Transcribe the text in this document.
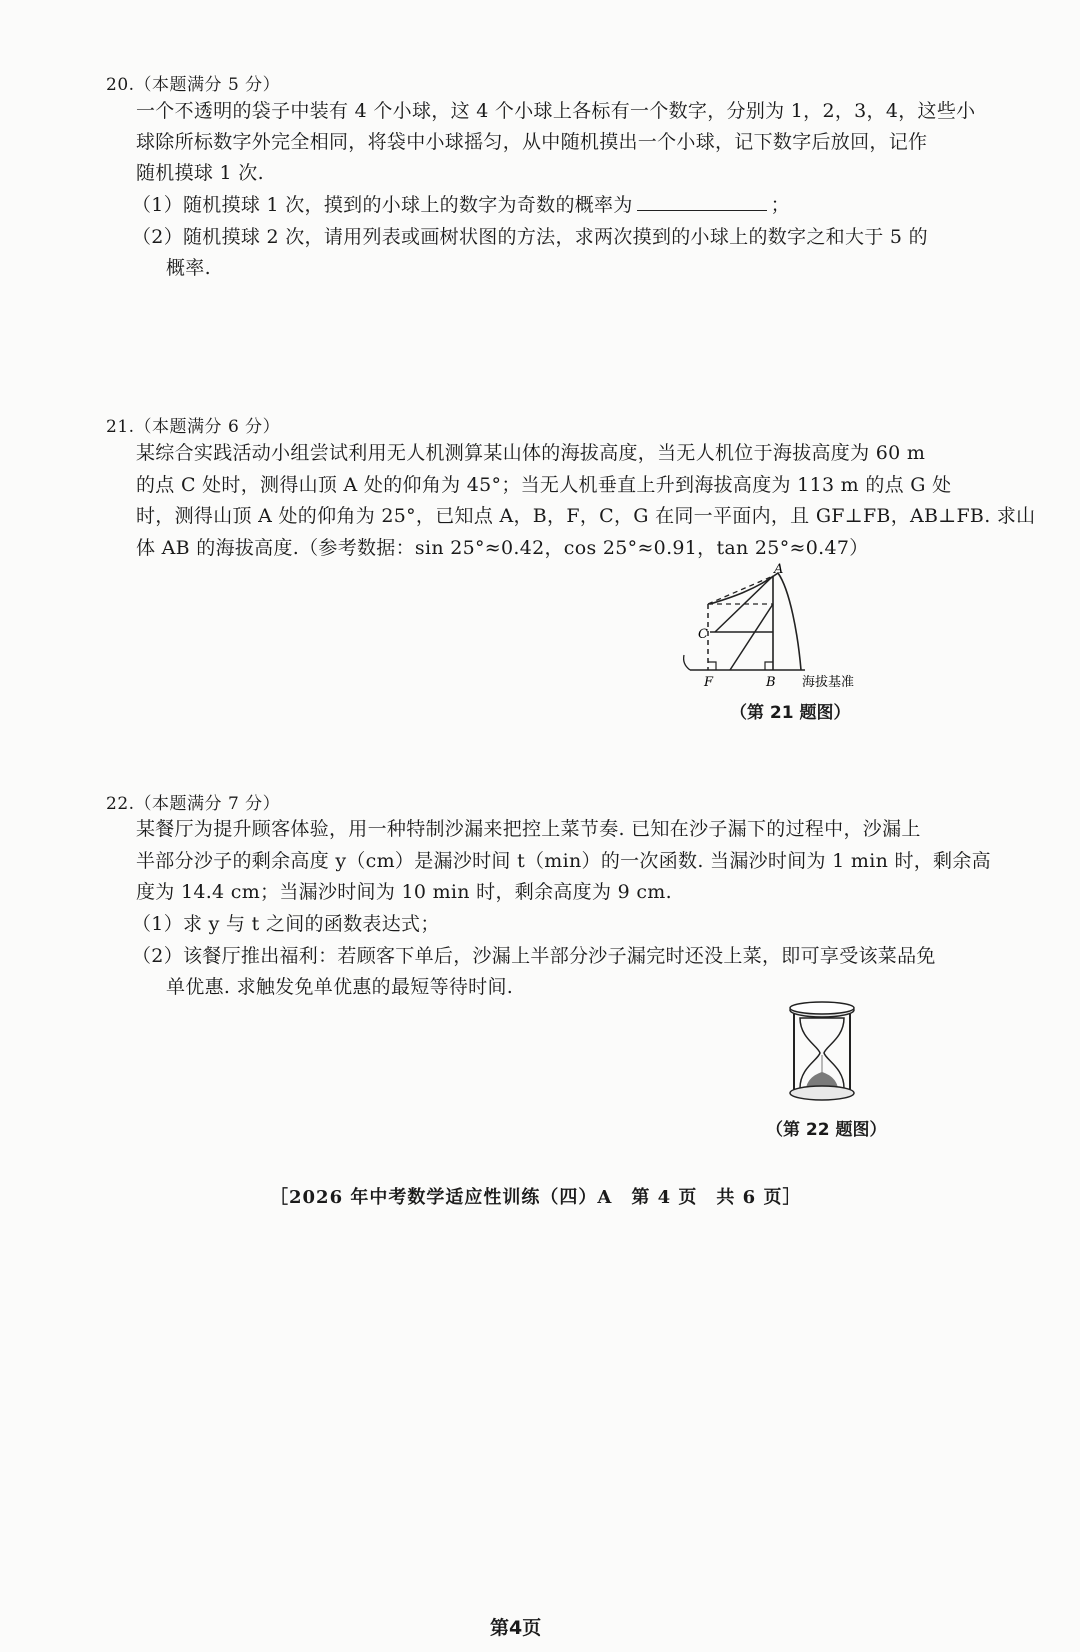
20.（本题满分 5 分）
一个不透明的袋子中装有 4 个小球，这 4 个小球上各标有一个数字，分别为 1，2，3，4，这些小
球除所标数字外完全相同，将袋中小球摇匀，从中随机摸出一个小球，记下数字后放回，记作
随机摸球 1 次.
（1）随机摸球 1 次，摸到的小球上的数字为奇数的概率为	；
（2）随机摸球 2 次，请用列表或画树状图的方法，求两次摸到的小球上的数字之和大于 5 的
概率.
21.（本题满分 6 分）
某综合实践活动小组尝试利用无人机测算某山体的海拔高度，当无人机位于海拔高度为 60 m
的点 C 处时，测得山顶 A 处的仰角为 45°；当无人机垂直上升到海拔高度为 113 m 的点 G 处
时，测得山顶 A 处的仰角为 25°，已知点 A，B，F，C，G 在同一平面内，且 GF⊥FB，AB⊥FB. 求山
体 AB 的海拔高度.（参考数据：sin 25°≈0.42，cos 25°≈0.91，tan 25°≈0.47）
A
C
F	B 海拔基准
（第 21 题图）
22.（本题满分 7 分）
某餐厅为提升顾客体验，用一种特制沙漏来把控上菜节奏. 已知在沙子漏下的过程中，沙漏上
半部分沙子的剩余高度 y（cm）是漏沙时间 t（min）的一次函数. 当漏沙时间为 1 min 时，剩余高
度为 14.4 cm；当漏沙时间为 10 min 时，剩余高度为 9 cm.
（1）求 y 与 t 之间的函数表达式；
（2）该餐厅推出福利：若顾客下单后，沙漏上半部分沙子漏完时还没上菜，即可享受该菜品免
单优惠. 求触发免单优惠的最短等待时间.
（第 22 题图）
［2026 年中考数学适应性训练（四）A　第 4 页　共 6 页］
第4页
